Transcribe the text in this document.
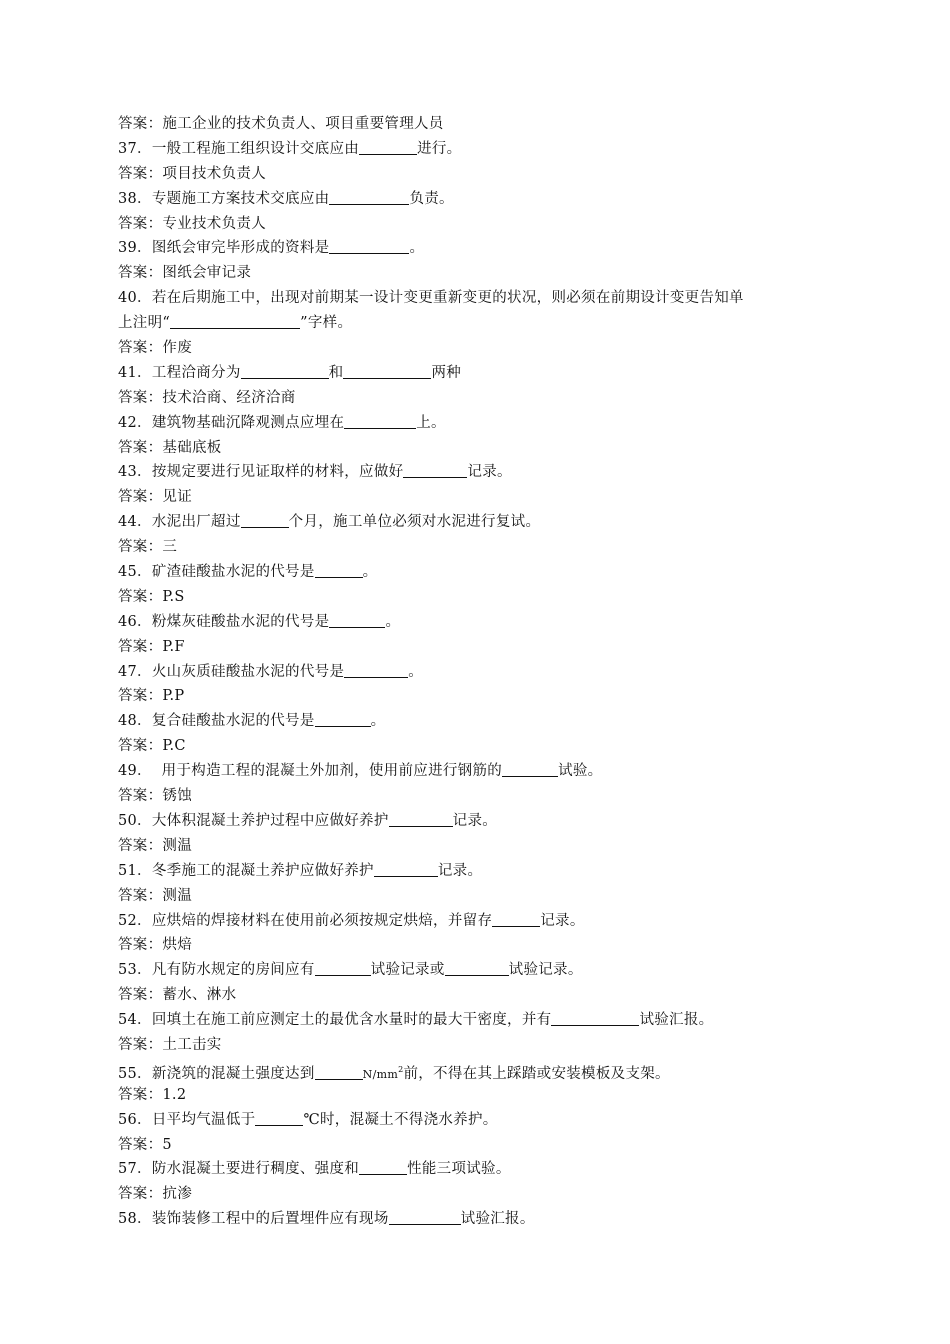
答案：施工企业的技术负责人、项目重要管理人员
37．一般工程施工组织设计交底应由	进行。
答案：项目技术负责人
38．专题施工方案技术交底应由	负责。
答案：专业技术负责人
39．图纸会审完毕形成的资料是	。
答案：图纸会审记录
40．若在后期施工中，出现对前期某一设计变更重新变更的状况，则必须在前期设计变更告知单
上注明“	”字样。
答案：作废
41．工程洽商分为	和	两种
答案：技术洽商、经济洽商
42．建筑物基础沉降观测点应埋在	上。
答案：基础底板
43．按规定要进行见证取样的材料，应做好	记录。
答案：见证
44．水泥出厂超过	个月，施工单位必须对水泥进行复试。
答案：三
45．矿渣硅酸盐水泥的代号是	。
答案：P.S
46．粉煤灰硅酸盐水泥的代号是	。
答案：P.F
47．火山灰质硅酸盐水泥的代号是	。
答案：P.P
48．复合硅酸盐水泥的代号是	。
答案：P.C
49．  用于构造工程的混凝土外加剂，使用前应进行钢筋的	试验。
答案：锈蚀
50．大体积混凝土养护过程中应做好养护	记录。
答案：测温
51．冬季施工的混凝土养护应做好养护	记录。
答案：测温
52．应烘焙的焊接材料在使用前必须按规定烘焙，并留存	记录。
答案：烘焙
53．凡有防水规定的房间应有	试验记录或	试验记录。
答案：蓄水、淋水
54．回填土在施工前应测定土的最优含水量时的最大干密度，并有	试验汇报。
答案：土工击实
55．新浇筑的混凝土强度达到	$N/mm^2$前，不得在其上踩踏或安装模板及支架。
答案：1.2
56．日平均气温低于	℃时，混凝土不得浇水养护。
答案：5
57．防水混凝土要进行稠度、强度和	性能三项试验。
答案：抗渗
58．装饰装修工程中的后置埋件应有现场	试验汇报。
